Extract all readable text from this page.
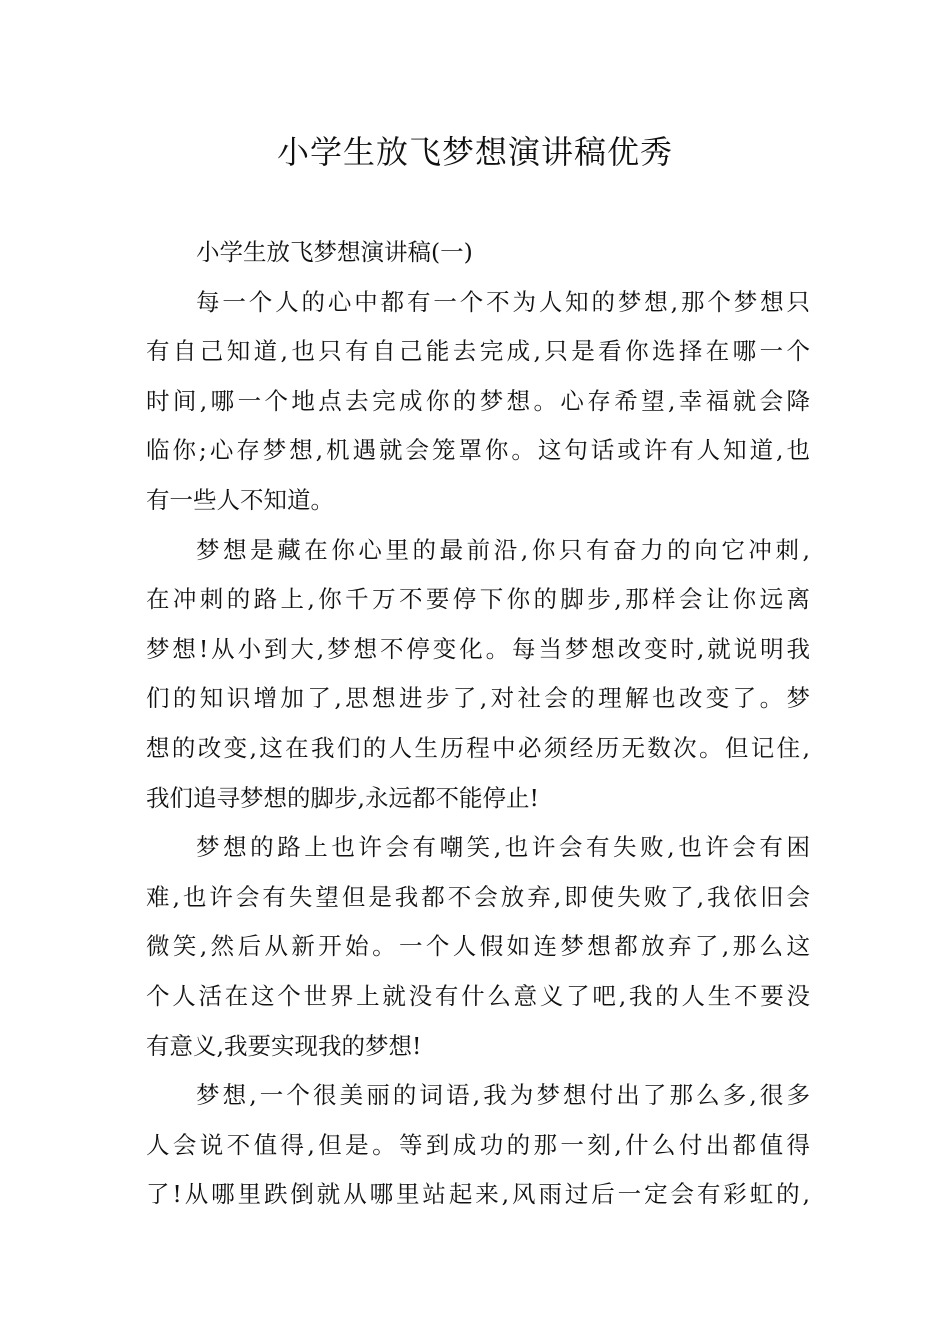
小学生放飞梦想演讲稿优秀
小学生放飞梦想演讲稿(一)
每一个人的心中都有一个不为人知的梦想,那个梦想只
有自己知道,也只有自己能去完成,只是看你选择在哪一个
时间,哪一个地点去完成你的梦想。心存希望,幸福就会降
临你;心存梦想,机遇就会笼罩你。这句话或许有人知道,也
有一些人不知道。
梦想是藏在你心里的最前沿,你只有奋力的向它冲刺,
在冲刺的路上,你千万不要停下你的脚步,那样会让你远离
梦想!从小到大,梦想不停变化。每当梦想改变时,就说明我
们的知识增加了,思想进步了,对社会的理解也改变了。梦
想的改变,这在我们的人生历程中必须经历无数次。但记住,
我们追寻梦想的脚步,永远都不能停止!
梦想的路上也许会有嘲笑,也许会有失败,也许会有困
难,也许会有失望但是我都不会放弃,即使失败了,我依旧会
微笑,然后从新开始。一个人假如连梦想都放弃了,那么这
个人活在这个世界上就没有什么意义了吧,我的人生不要没
有意义,我要实现我的梦想!
梦想,一个很美丽的词语,我为梦想付出了那么多,很多
人会说不值得,但是。等到成功的那一刻,什么付出都值得
了!从哪里跌倒就从哪里站起来,风雨过后一定会有彩虹的,
